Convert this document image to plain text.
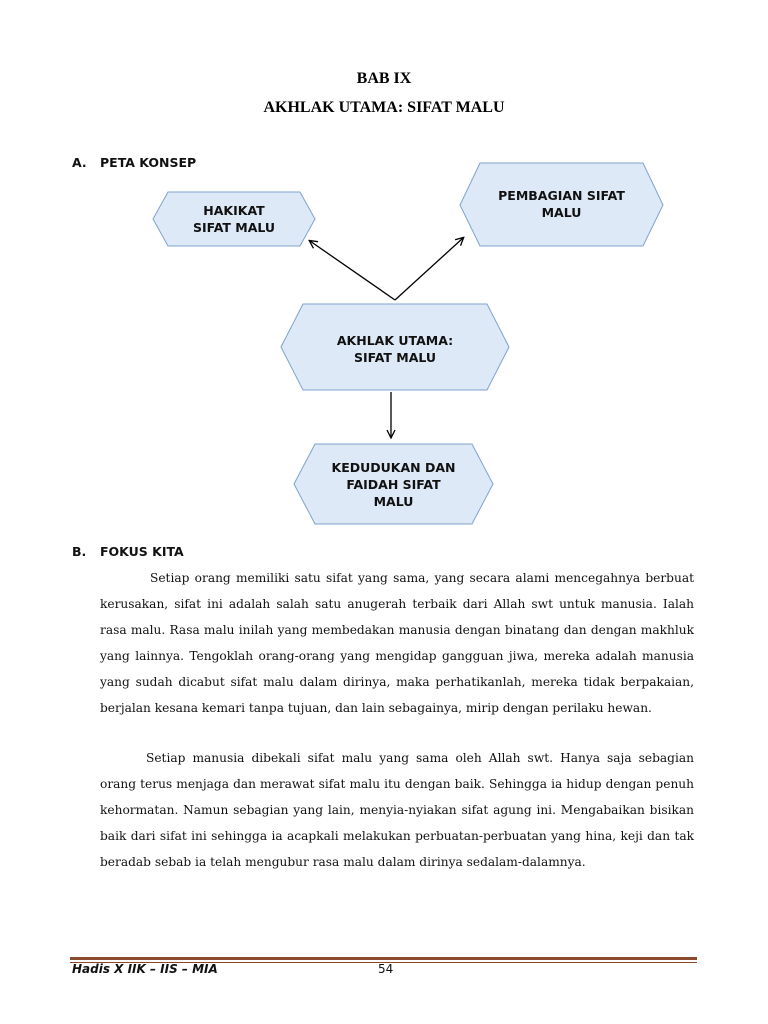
BAB IX
AKHLAK UTAMA: SIFAT MALU
A. PETA KONSEP
HAKIKAT
SIFAT MALU
PEMBAGIAN SIFAT
MALU
AKHLAK UTAMA:
SIFAT MALU
KEDUDUKAN DAN
FAIDAH SIFAT
MALU
B. FOKUS KITA

Setiap orang memiliki satu sifat yang sama, yang secara alami mencegahnya berbuat kerusakan, sifat ini adalah salah satu anugerah terbaik dari Allah swt untuk manusia. Ialah rasa malu. Rasa malu inilah yang membedakan manusia dengan binatang dan dengan makhluk yang lainnya. Tengoklah orang-orang yang mengidap gangguan jiwa, mereka adalah manusia yang sudah dicabut sifat malu dalam dirinya, maka perhatikanlah, mereka tidak berpakaian, berjalan kesana kemari tanpa tujuan, dan lain sebagainya, mirip dengan perilaku hewan.

Setiap manusia dibekali sifat malu yang sama oleh Allah swt. Hanya saja sebagian orang terus menjaga dan merawat sifat malu itu dengan baik. Sehingga ia hidup dengan penuh kehormatan. Namun sebagian yang lain, menyia-nyiakan sifat agung ini. Mengabaikan bisikan baik dari sifat ini sehingga ia acapkali melakukan perbuatan-perbuatan yang hina, keji dan tak beradab sebab ia telah mengubur rasa malu dalam dirinya sedalam-dalamnya.

Hadis X IIK – IIS – MIA	54
